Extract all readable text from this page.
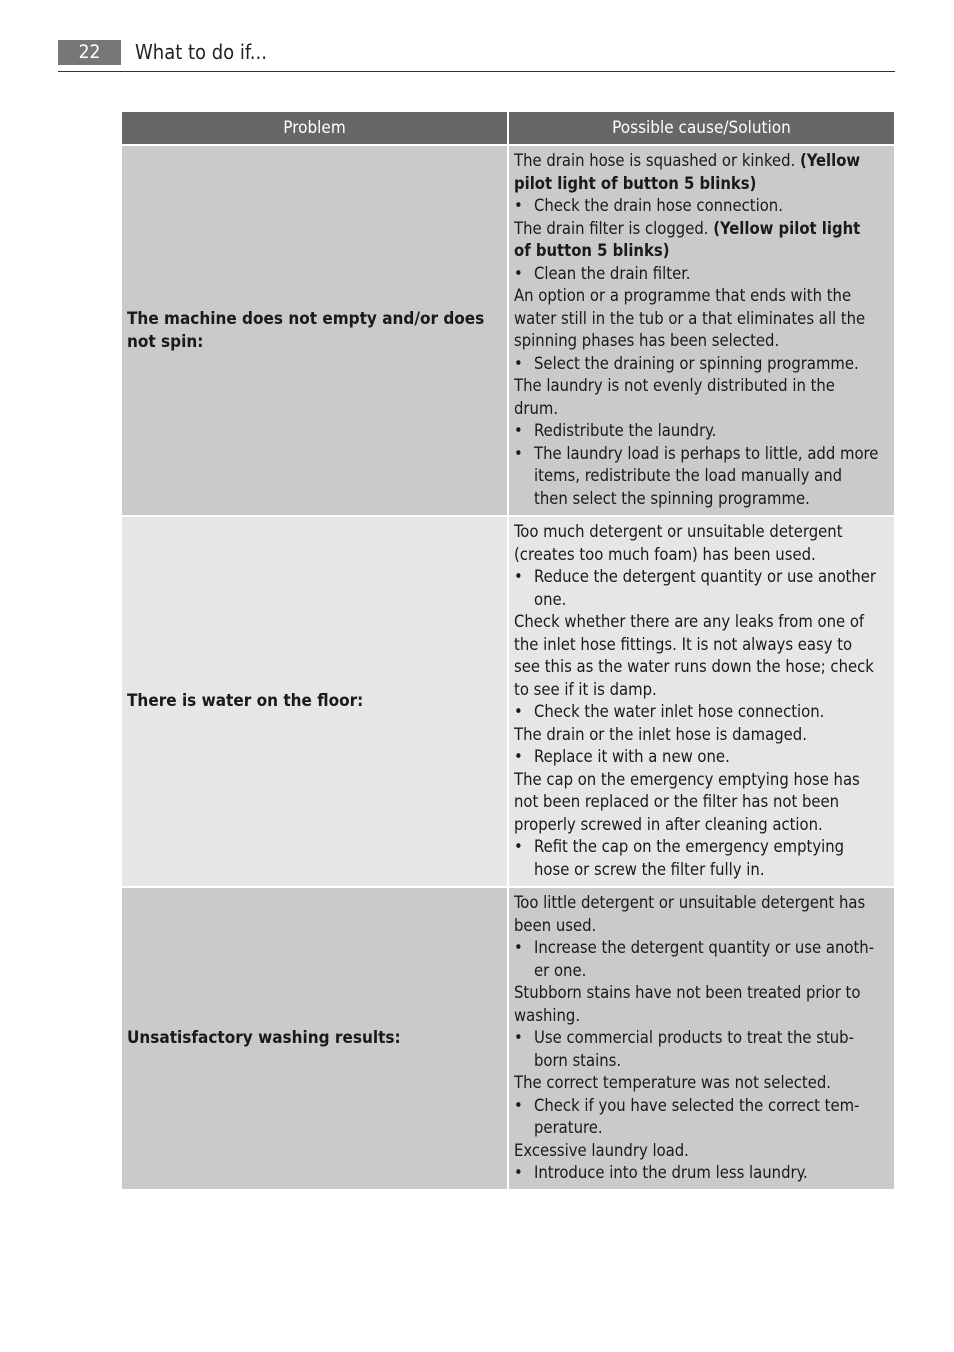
22	What to do if...
Problem	Possible cause/Solution
The machine does not empty and/or does
not spin:
The drain hose is squashed or kinked. (Yellow
pilot light of button 5 blinks)
• Check the drain hose connection.
The drain filter is clogged. (Yellow pilot light
of button 5 blinks)
• Clean the drain filter.
An option or a programme that ends with the
water still in the tub or a that eliminates all the
spinning phases has been selected.
• Select the draining or spinning programme.
The laundry is not evenly distributed in the
drum.
• Redistribute the laundry.
• The laundry load is perhaps to little, add more
items, redistribute the load manually and
then select the spinning programme.
There is water on the floor:
Too much detergent or unsuitable detergent
(creates too much foam) has been used.
• Reduce the detergent quantity or use another
one.
Check whether there are any leaks from one of
the inlet hose fittings. It is not always easy to
see this as the water runs down the hose; check
to see if it is damp.
• Check the water inlet hose connection.
The drain or the inlet hose is damaged.
• Replace it with a new one.
The cap on the emergency emptying hose has
not been replaced or the filter has not been
properly screwed in after cleaning action.
• Refit the cap on the emergency emptying
hose or screw the filter fully in.
Unsatisfactory washing results:
Too little detergent or unsuitable detergent has
been used.
• Increase the detergent quantity or use anoth-
er one.
Stubborn stains have not been treated prior to
washing.
• Use commercial products to treat the stub-
born stains.
The correct temperature was not selected.
• Check if you have selected the correct tem-
perature.
Excessive laundry load.
• Introduce into the drum less laundry.
